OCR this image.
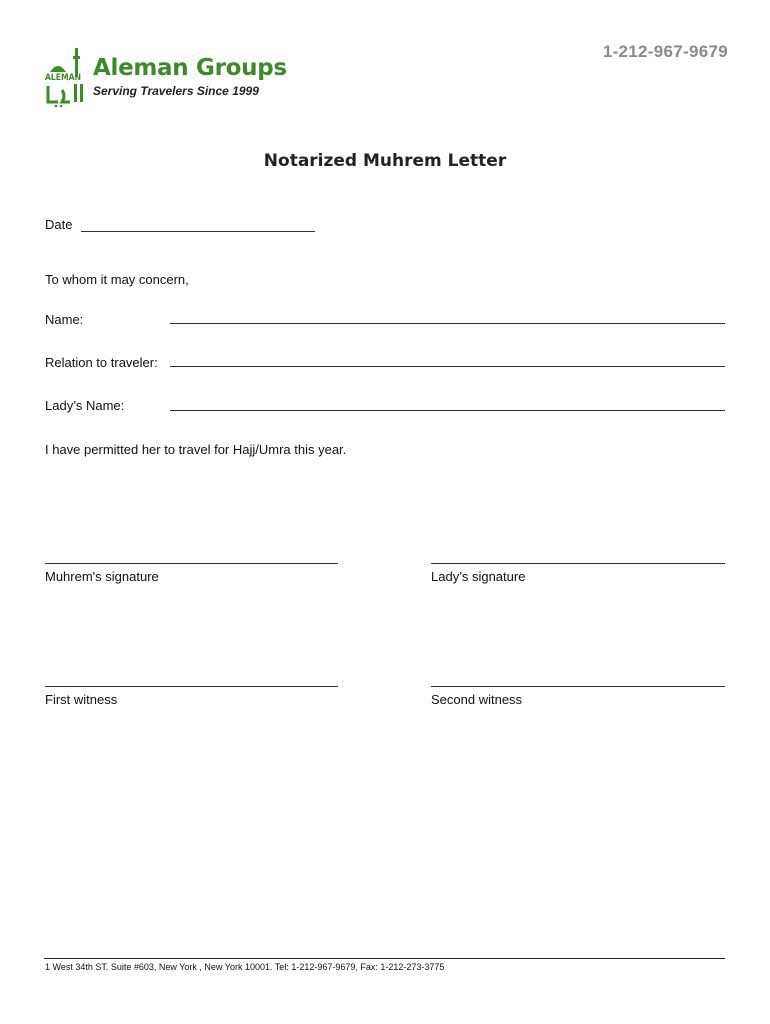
1-212-967-9679
ALEMAN Aleman Groups
Serving Travelers Since 1999
Notarized Muhrem Letter
Date
To whom it may concern,
Name:
Relation to traveler:
Lady’s Name:
I have permitted her to travel for Hajj/Umra this year.
Muhrem's signature	Lady’s signature
First witness	Second witness
1 West 34th ST. Suite #603, New York , New York 10001. Tel: 1-212-967-9679, Fax: 1-212-273-3775
